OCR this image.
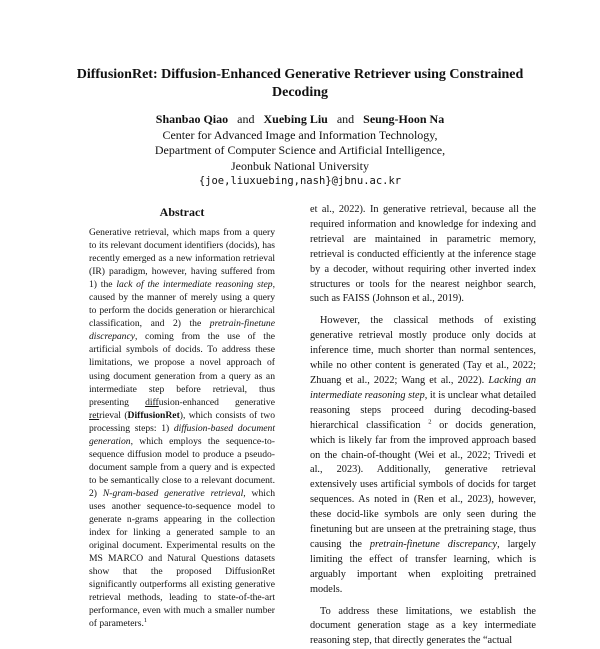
DiffusionRet: Diffusion-Enhanced Generative Retriever using Constrained
Decoding
Shanbao Qiao and Xuebing Liu and Seung-Hoon Na
Center for Advanced Image and Information Technology,
Department of Computer Science and Artificial Intelligence,
Jeonbuk National University
{joe,liuxuebing,nash}@jbnu.ac.kr
Abstract
Generative retrieval, which maps from a query to its relevant document identifiers (docids), has recently emerged as a new information retrieval (IR) paradigm, however, having suffered from 1) the lack of the intermediate reasoning step, caused by the manner of merely using a query to perform the docids generation or hierarchical classification, and 2) the pretrain-finetune discrepancy, coming from the use of the artificial symbols of docids. To address these limitations, we propose a novel approach of using document generation from a query as an intermediate step before retrieval, thus presenting diffusion-enhanced generative retrieval (DiffusionRet), which consists of two processing steps: 1) diffusion-based document generation, which employs the sequence-to-sequence diffusion model to produce a pseudo-document sample from a query and is expected to be semantically close to a relevant document. 2) N-gram-based generative retrieval, which uses another sequence-to-sequence model to generate n-grams appearing in the collection index for linking a generated sample to an original document. Experimental results on the MS MARCO and Natural Questions datasets show that the proposed DiffusionRet significantly outperforms all existing generative retrieval methods, leading to state-of-the-art performance, even with much a smaller number of parameters.$^1$

et al., 2022). In generative retrieval, because all the required information and knowledge for indexing and retrieval are maintained in parametric memory, retrieval is conducted efficiently at the inference stage by a decoder, without requiring other inverted index structures or tools for the nearest neighbor search, such as FAISS (Johnson et al., 2019).

However, the classical methods of existing generative retrieval mostly produce only docids at inference time, much shorter than normal sentences, while no other content is generated (Tay et al., 2022; Zhuang et al., 2022; Wang et al., 2022). Lacking an intermediate reasoning step, it is unclear what detailed reasoning steps proceed during decoding-based hierarchical classification $^2$ or docids generation, which is likely far from the improved approach based on the chain-of-thought (Wei et al., 2022; Trivedi et al., 2023). Additionally, generative retrieval extensively uses artificial symbols of docids for target sequences. As noted in (Ren et al., 2023), however, these docid-like symbols are only seen during the finetuning but are unseen at the pretraining stage, thus causing the pretrain-finetune discrepancy, largely limiting the effect of transfer learning, which is arguably important when exploiting pretrained models.

To address these limitations, we establish the document generation stage as a key intermediate reasoning step, that directly generates the “actual
